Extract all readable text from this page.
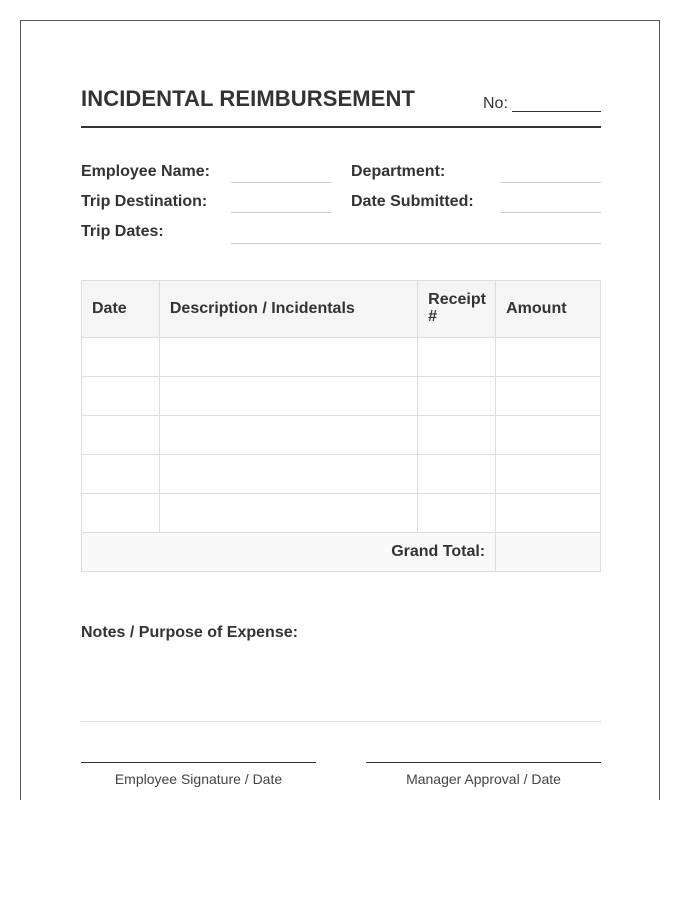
INCIDENTAL REIMBURSEMENT	No:
Employee Name:	Department:
Trip Destination:	Date Submitted:
Trip Dates:
Date	Description / Incidentals	Receipt #	Amount

Grand Total:			
Notes / Purpose of Expense:
Employee Signature / Date	Manager Approval / Date
